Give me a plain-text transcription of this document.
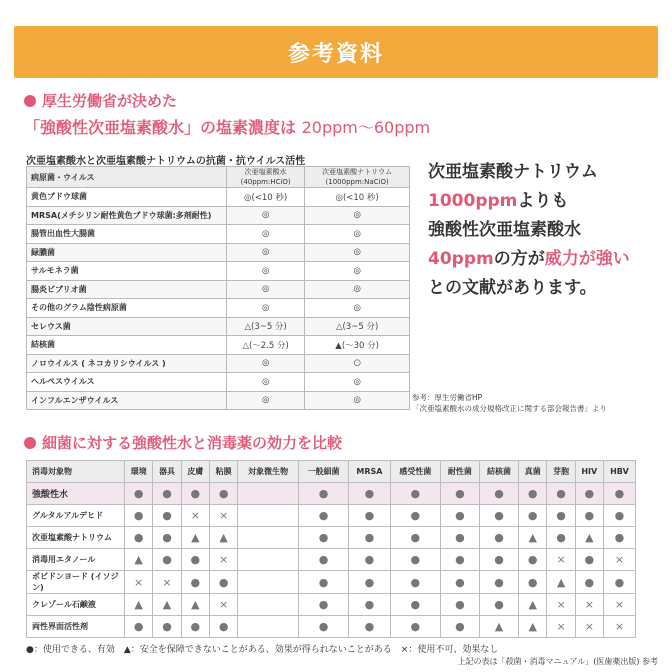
参考資料
厚生労働省が決めた
「強酸性次亜塩素酸水」の塩素濃度は 20ppm～60ppm
次亜塩素酸水と次亜塩素酸ナトリウムの抗菌・抗ウイルス活性
病原菌・ウイルス	次亜塩素酸水
(40ppm:HCiO)	次亜塩素酸ナトリウム
(1000ppm:NaCiO)
黄色ブドウ球菌	◎(<10 秒)	◎(<10 秒)
MRSA(メチシリン耐性黄色ブドウ球菌:多剤耐性)	◎	◎
腸管出血性大腸菌	◎	◎
緑膿菌	◎	◎
サルモネラ菌	◎	◎
腸炎ビブリオ菌	◎	◎
その他のグラム陰性病原菌	◎	◎
セレウス菌	△(3~5 分)	△(3~5 分)
結核菌	△(～2.5 分)	▲(～30 分)
ノロウイルス ( ネコカリシウイルス )	◎	○
ヘルペスウイルス	◎	◎
インフルエンザウイルス	◎	◎
次亜塩素酸ナトリウム
1000ppmよりも
強酸性次亜塩素酸水
40ppmの方が威力が強い
との文献があります。
参考：厚生労働省HP
「次亜塩素酸水の成分規格改正に関する部会報告書」より
細菌に対する強酸性水と消毒薬の効力を比較
消毒対象物	環境	器具	皮膚	粘膜	対象微生物	一般細菌	MRSA	感受性菌	耐性菌	結核菌	真菌	芽胞	HIV	HBV
強酸性水	●	●	●	●		●	●	●	●	●	●	●	●	●
グルタルアルデヒド	●	●	×	×		●	●	●	●	●	●	●	●	●
次亜塩素酸ナトリウム	●	●	▲	▲		●	●	●	●	●	▲	●	▲	●
消毒用エタノール	▲	●	●	×		●	●	●	●	●	●	×	●	×
ポビドンヨード (イソジン)	×	×	●	●		●	●	●	●	●	●	▲	●	●
クレゾール石鹸液	▲	▲	▲	×		●	●	●	●	●	▲	×	×	×
両性界面活性剤	●	●	●	●		●	●	●	●	▲	▲	×	×	×
●：使用できる、有効　▲：安全を保障できないことがある、効果が得られないことがある　×：使用不可、効果なし
上記の表は「殺菌・消毒マニュアル」(医歯薬出版) 参考
